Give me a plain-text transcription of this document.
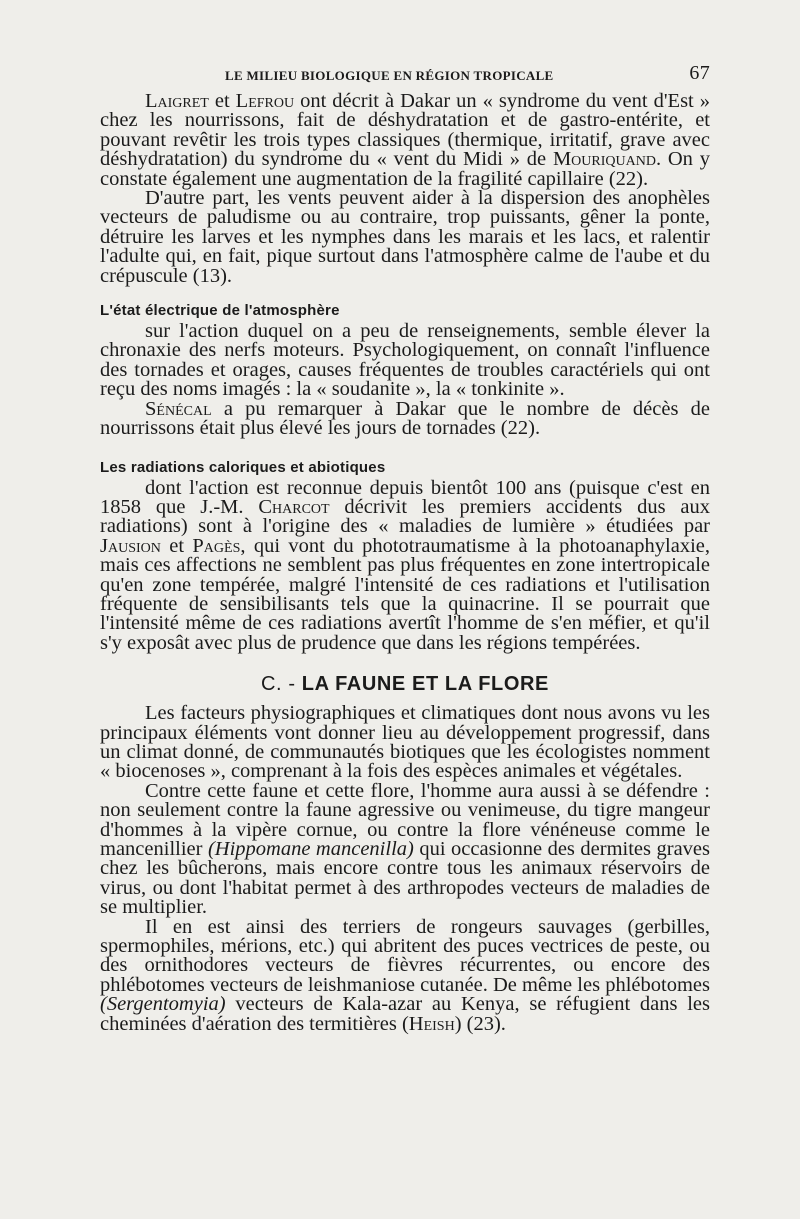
LE MILIEU BIOLOGIQUE EN RÉGION TROPICALE	67

Laigret et Lefrou ont décrit à Dakar un « syndrome du vent d'Est » chez les nourrissons, fait de déshydratation et de gastro-entérite, et pouvant revêtir les trois types classiques (thermique, irritatif, grave avec déshydratation) du syndrome du « vent du Midi » de Mouriquand. On y constate également une augmentation de la fragilité capillaire (22).

D'autre part, les vents peuvent aider à la dispersion des anophèles vecteurs de paludisme ou au contraire, trop puissants, gêner la ponte, détruire les larves et les nymphes dans les marais et les lacs, et ralentir l'adulte qui, en fait, pique surtout dans l'atmosphère calme de l'aube et du crépuscule (13).

L'état électrique de l'atmosphère

sur l'action duquel on a peu de renseignements, semble élever la chronaxie des nerfs moteurs. Psychologiquement, on connaît l'influence des tornades et orages, causes fréquentes de troubles caractériels qui ont reçu des noms imagés : la « soudanite », la « tonkinite ».

Sénécal a pu remarquer à Dakar que le nombre de décès de nourrissons était plus élevé les jours de tornades (22).

Les radiations caloriques et abiotiques

dont l'action est reconnue depuis bientôt 100 ans (puisque c'est en 1858 que J.-M. Charcot décrivit les premiers accidents dus aux radiations) sont à l'origine des « maladies de lumière » étudiées par Jausion et Pagès, qui vont du phototraumatisme à la photoanaphylaxie, mais ces affections ne semblent pas plus fréquentes en zone intertropicale qu'en zone tempérée, malgré l'intensité de ces radiations et l'utilisation fréquente de sensibilisants tels que la quinacrine. Il se pourrait que l'intensité même de ces radiations avertît l'homme de s'en méfier, et qu'il s'y exposât avec plus de prudence que dans les régions tempérées.

C. - LA FAUNE ET LA FLORE

Les facteurs physiographiques et climatiques dont nous avons vu les principaux éléments vont donner lieu au développement progressif, dans un climat donné, de communautés biotiques que les écologistes nomment « biocenoses », comprenant à la fois des espèces animales et végétales.

Contre cette faune et cette flore, l'homme aura aussi à se défendre : non seulement contre la faune agressive ou venimeuse, du tigre mangeur d'hommes à la vipère cornue, ou contre la flore vénéneuse comme le mancenillier (Hippomane mancenilla) qui occasionne des dermites graves chez les bûcherons, mais encore contre tous les animaux réservoirs de virus, ou dont l'habitat permet à des arthropodes vecteurs de maladies de se multiplier.

Il en est ainsi des terriers de rongeurs sauvages (gerbilles, spermophiles, mérions, etc.) qui abritent des puces vectrices de peste, ou des ornithodores vecteurs de fièvres récurrentes, ou encore des phlébotomes vecteurs de leishmaniose cutanée. De même les phlébotomes (Sergentomyia) vecteurs de Kala-azar au Kenya, se réfugient dans les cheminées d'aération des termitières (Heish) (23).
